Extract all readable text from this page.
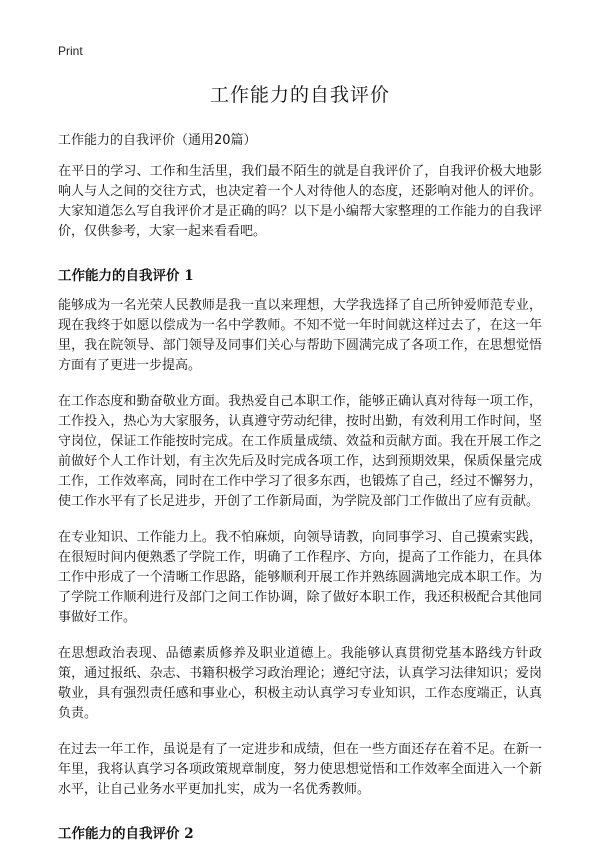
Print
工作能力的自我评价

工作能力的自我评价（通用20篇）

在平日的学习、工作和生活里，我们最不陌生的就是自我评价了，自我评价极大地影响人与人之间的交往方式，也决定着一个人对待他人的态度，还影响对他人的评价。大家知道怎么写自我评价才是正确的吗？以下是小编帮大家整理的工作能力的自我评价，仅供参考，大家一起来看看吧。

工作能力的自我评价 1

能够成为一名光荣人民教师是我一直以来理想，大学我选择了自己所钟爱师范专业，现在我终于如愿以偿成为一名中学教师。不知不觉一年时间就这样过去了，在这一年里，我在院领导、部门领导及同事们关心与帮助下圆满完成了各项工作，在思想觉悟方面有了更进一步提高。

在工作态度和勤奋敬业方面。我热爱自己本职工作，能够正确认真对待每一项工作，工作投入，热心为大家服务，认真遵守劳动纪律，按时出勤，有效利用工作时间，坚守岗位，保证工作能按时完成。在工作质量成绩、效益和贡献方面。我在开展工作之前做好个人工作计划，有主次先后及时完成各项工作，达到预期效果，保质保量完成工作，工作效率高，同时在工作中学习了很多东西，也锻炼了自己，经过不懈努力，使工作水平有了长足进步，开创了工作新局面，为学院及部门工作做出了应有贡献。

在专业知识、工作能力上。我不怕麻烦，向领导请教，向同事学习、自己摸索实践，在很短时间内便熟悉了学院工作，明确了工作程序、方向，提高了工作能力，在具体工作中形成了一个清晰工作思路，能够顺利开展工作并熟练圆满地完成本职工作。为了学院工作顺利进行及部门之间工作协调，除了做好本职工作，我还积极配合其他同事做好工作。

在思想政治表现、品德素质修养及职业道德上。我能够认真贯彻党基本路线方针政策，通过报纸、杂志、书籍积极学习政治理论；遵纪守法，认真学习法律知识；爱岗敬业，具有强烈责任感和事业心，积极主动认真学习专业知识，工作态度端正，认真负责。

在过去一年工作，虽说是有了一定进步和成绩，但在一些方面还存在着不足。在新一年里，我将认真学习各项政策规章制度，努力使思想觉悟和工作效率全面进入一个新水平，让自己业务水平更加扎实，成为一名优秀教师。

工作能力的自我评价 2
